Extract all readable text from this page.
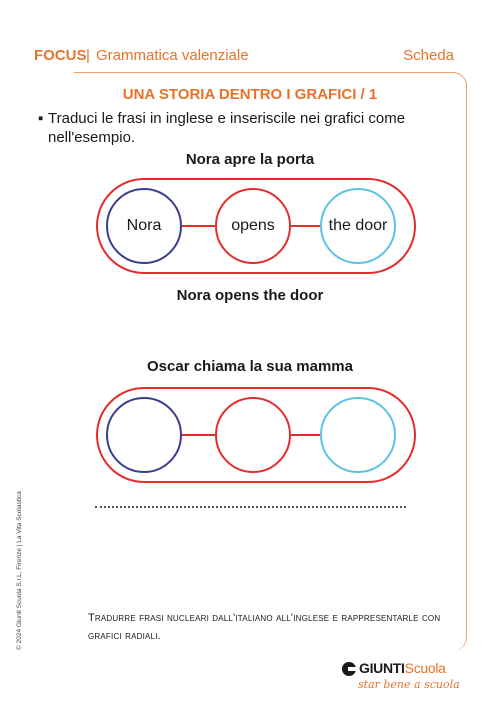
FOCUS | Grammatica valenziale	Scheda
UNA STORIA DENTRO I GRAFICI / 1
▪ Traduci le frasi in inglese e inseriscile nei grafici come nell'esempio.
Nora apre la porta
Nora	opens	the door
Nora opens the door
Oscar chiama la sua mamma
Tradurre frasi nucleari dall'italiano all'inglese e rappresentarle con grafici radiali.
© 2024 Giunti Scuola S.r.L, Firenze | La Vita Scolastica
GIUNTIScuola
star bene a scuola
